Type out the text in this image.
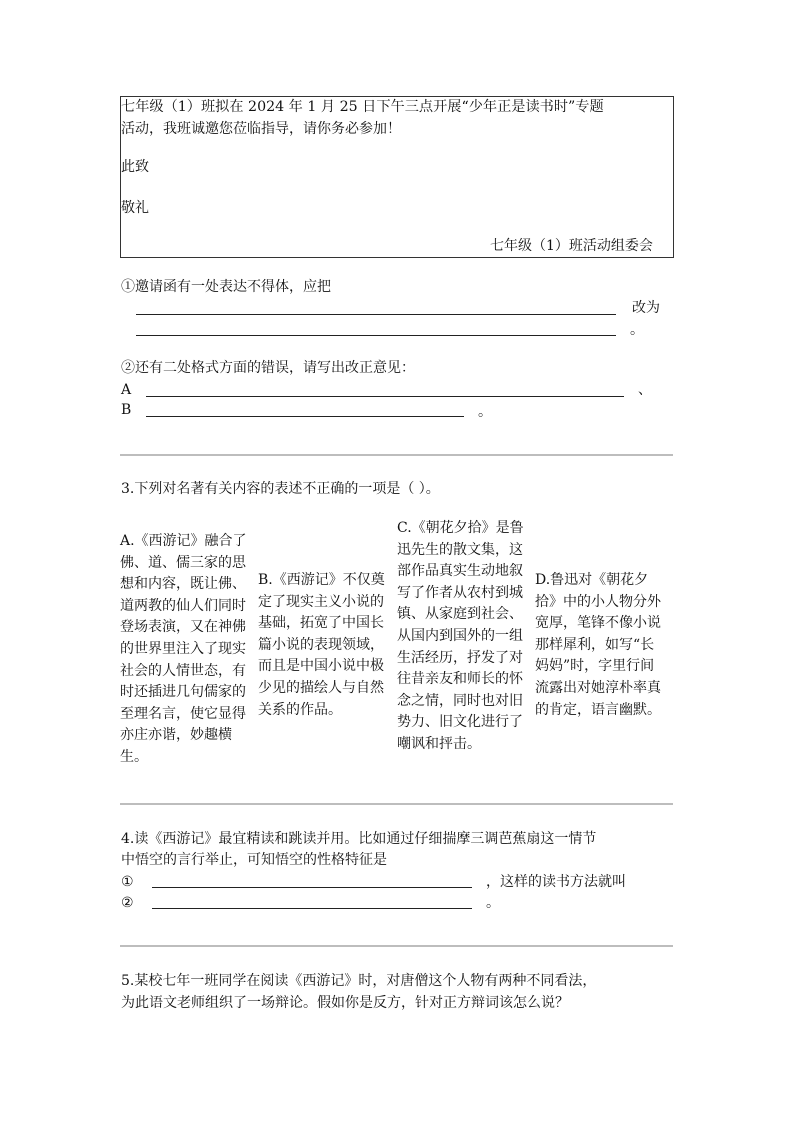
七年级（1）班拟在 2024 年 1 月 25 日下午三点开展“少年正是读书时”专题
活动，我班诚邀您莅临指导，请你务必参加！
此致
敬礼
七年级（1）班活动组委会
①邀请函有一处表达不得体，应把
改为
。
②还有二处格式方面的错误，请写出改正意见：
A	、
B	。
3.下列对名著有关内容的表述不正确的一项是（ ）。
A.《西游记》融合了佛、道、儒三家的思想和内容，既让佛、道两教的仙人们同时登场表演，又在神佛的世界里注入了现实社会的人情世态，有时还插进几句儒家的至理名言，使它显得亦庄亦谐，妙趣横生。
B.《西游记》不仅奠定了现实主义小说的基础，拓宽了中国长篇小说的表现领域，而且是中国小说中极少见的描绘人与自然关系的作品。
C.《朝花夕拾》是鲁迅先生的散文集，这部作品真实生动地叙写了作者从农村到城镇、从家庭到社会、从国内到国外的一组生活经历，抒发了对往昔亲友和师长的怀念之情，同时也对旧势力、旧文化进行了嘲讽和抨击。
D.鲁迅对《朝花夕拾》中的小人物分外宽厚，笔锋不像小说那样犀利，如写“长妈妈”时，字里行间流露出对她淳朴率真的肯定，语言幽默。
4.读《西游记》最宜精读和跳读并用。比如通过仔细揣摩三调芭蕉扇这一情节
中悟空的言行举止，可知悟空的性格特征是
①	，这样的读书方法就叫
②	。
5.某校七年一班同学在阅读《西游记》时，对唐僧这个人物有两种不同看法，
为此语文老师组织了一场辩论。假如你是反方，针对正方辩词该怎么说？
